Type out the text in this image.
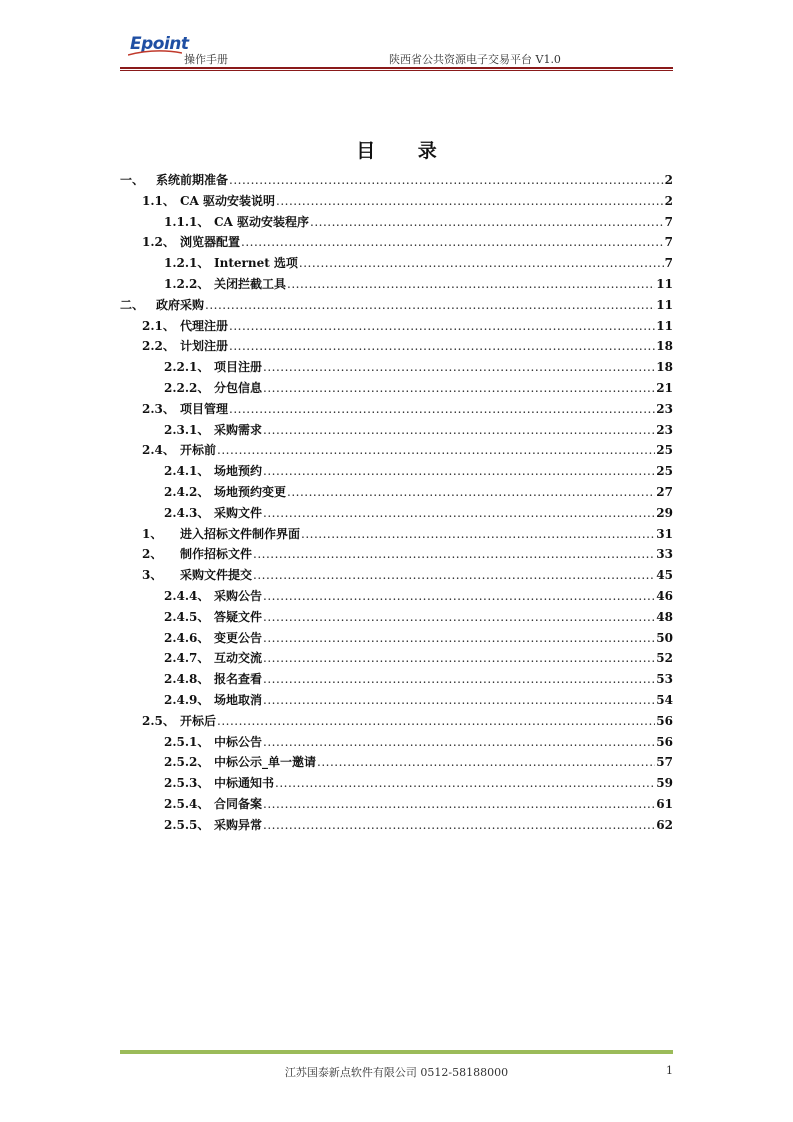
Epoint
操作手册	陕西省公共资源电子交易平台 V1.0
目 录
一、 系统前期准备 .....	2
1.1、 CA 驱动安装说明 .....	2
1.1.1、 CA 驱动安装程序 .....	7
1.2、 浏览器配置 .....	7
1.2.1、 Internet 选项 .....	7
1.2.2、 关闭拦截工具 .....	11
二、 政府采购 .....	11
2.1、 代理注册 .....	11
2.2、 计划注册 .....	18
2.2.1、 项目注册 .....	18
2.2.2、 分包信息 .....	21
2.3、 项目管理 .....	23
2.3.1、 采购需求 .....	23
2.4、 开标前 .....	25
2.4.1、 场地预约 .....	25
2.4.2、 场地预约变更 .....	27
2.4.3、 采购文件 .....	29
1、	进入招标文件制作界面 .....	31
2、	制作招标文件 .....	33
3、	采购文件提交 .....	45
2.4.4、 采购公告 .....	46
2.4.5、 答疑文件 .....	48
2.4.6、 变更公告 .....	50
2.4.7、 互动交流 .....	52
2.4.8、 报名查看 .....	53
2.4.9、 场地取消 .....	54
2.5、 开标后 .....	56
2.5.1、 中标公告 .....	56
2.5.2、 中标公示_单一邀请 .....	57
2.5.3、 中标通知书 .....	59
2.5.4、 合同备案 .....	61
2.5.5、 采购异常 .....	62
江苏国泰新点软件有限公司 0512-58188000	1
